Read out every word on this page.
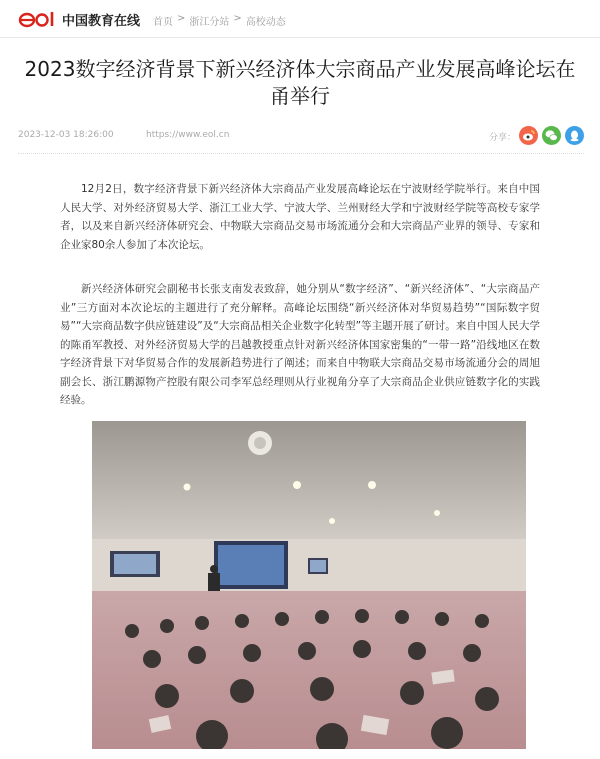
中国教育在线 首页 > 浙江分站 > 高校动态
2023数字经济背景下新兴经济体大宗商品产业发展高峰论坛在甬举行
2023-12-03 18:26:00	https://www.eol.cn	分享：

12月2日，数字经济背景下新兴经济体大宗商品产业发展高峰论坛在宁波财经学院举行。来自中国人民大学、对外经济贸易大学、浙江工业大学、宁波大学、兰州财经大学和宁波财经学院等高校专家学者，以及来自新兴经济体研究会、中物联大宗商品交易市场流通分会和大宗商品产业界的领导、专家和企业家80余人参加了本次论坛。

新兴经济体研究会副秘书长张支南发表致辞，她分别从“数字经济”、“新兴经济体”、“大宗商品产业”三方面对本次论坛的主题进行了充分解释。高峰论坛围绕“新兴经济体对华贸易趋势”“国际数字贸易”“大宗商品数字供应链建设”及“大宗商品相关企业数字化转型”等主题开展了研讨。来自中国人民大学的陈甬军教授、对外经济贸易大学的吕越教授重点针对新兴经济体国家密集的“一带一路”沿线地区在数字经济背景下对华贸易合作的发展新趋势进行了阐述；而来自中物联大宗商品交易市场流通分会的周旭副会长、浙江鹏源物产控股有限公司李军总经理则从行业视角分享了大宗商品企业供应链数字化的实践经验。
